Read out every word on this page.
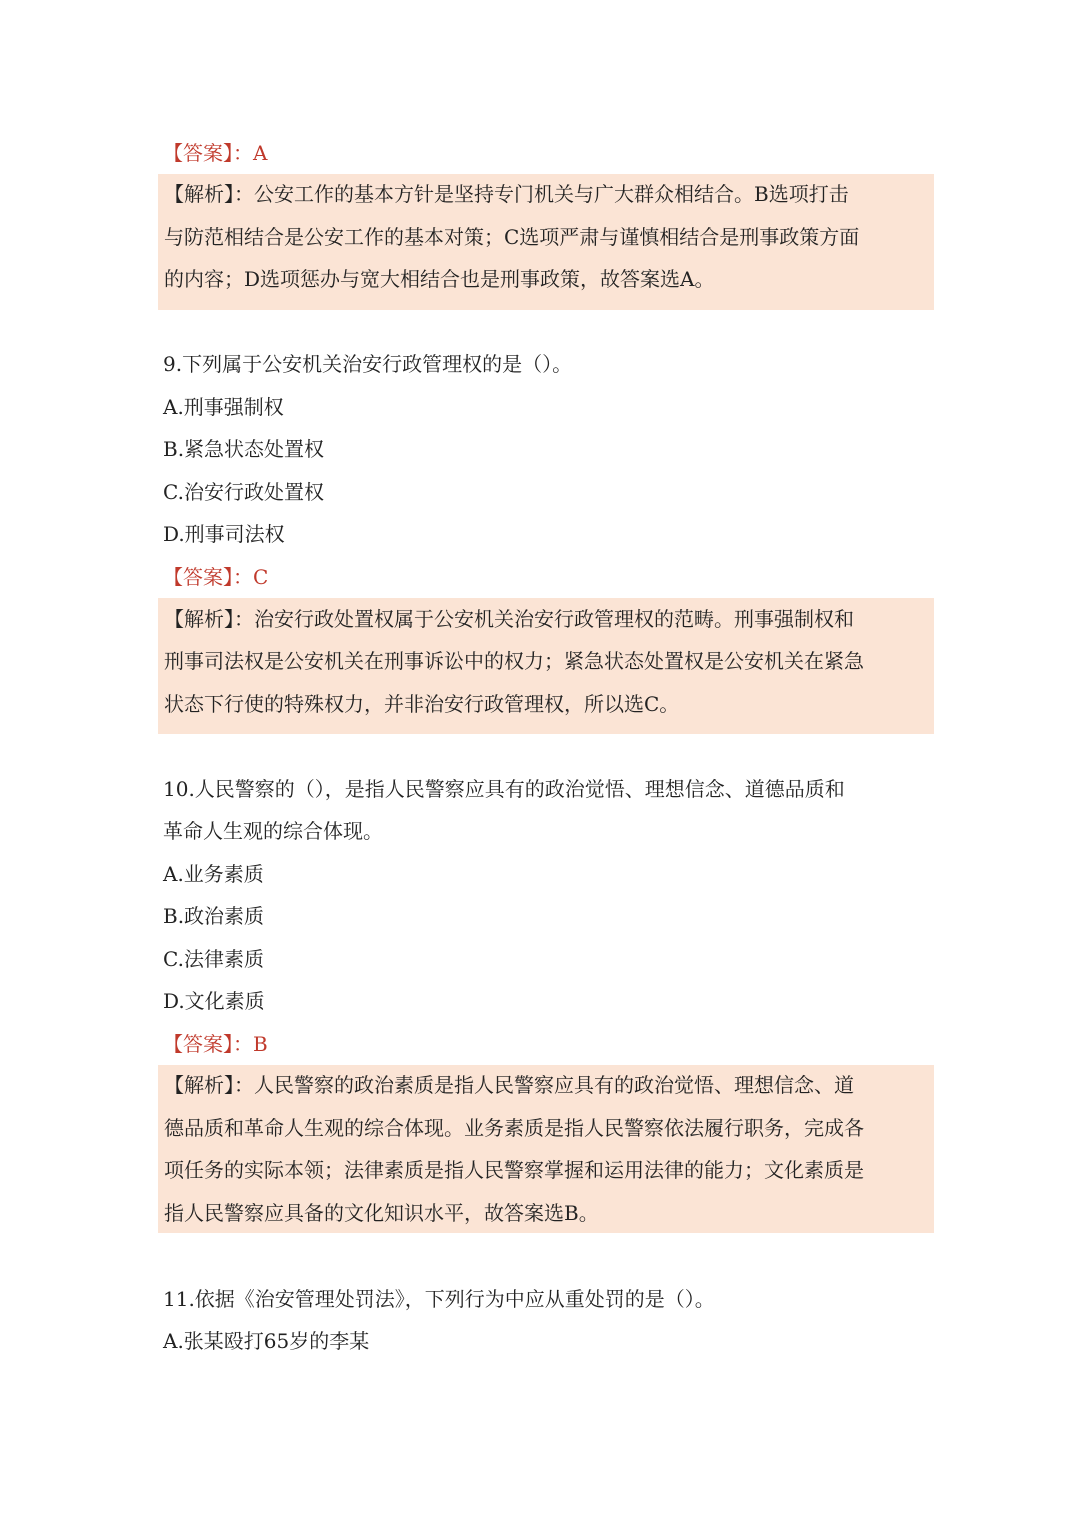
【答案】：A
【解析】：公安工作的基本方针是坚持专门机关与广大群众相结合。B选项打击
与防范相结合是公安工作的基本对策；C选项严肃与谨慎相结合是刑事政策方面
的内容；D选项惩办与宽大相结合也是刑事政策，故答案选A。
9.下列属于公安机关治安行政管理权的是（）。
A.刑事强制权
B.紧急状态处置权
C.治安行政处置权
D.刑事司法权
【答案】：C
【解析】：治安行政处置权属于公安机关治安行政管理权的范畴。刑事强制权和
刑事司法权是公安机关在刑事诉讼中的权力；紧急状态处置权是公安机关在紧急
状态下行使的特殊权力，并非治安行政管理权，所以选C。
10.人民警察的（），是指人民警察应具有的政治觉悟、理想信念、道德品质和
革命人生观的综合体现。
A.业务素质
B.政治素质
C.法律素质
D.文化素质
【答案】：B
【解析】：人民警察的政治素质是指人民警察应具有的政治觉悟、理想信念、道
德品质和革命人生观的综合体现。业务素质是指人民警察依法履行职务，完成各
项任务的实际本领；法律素质是指人民警察掌握和运用法律的能力；文化素质是
指人民警察应具备的文化知识水平，故答案选B。
11.依据《治安管理处罚法》，下列行为中应从重处罚的是（）。
A.张某殴打65岁的李某
